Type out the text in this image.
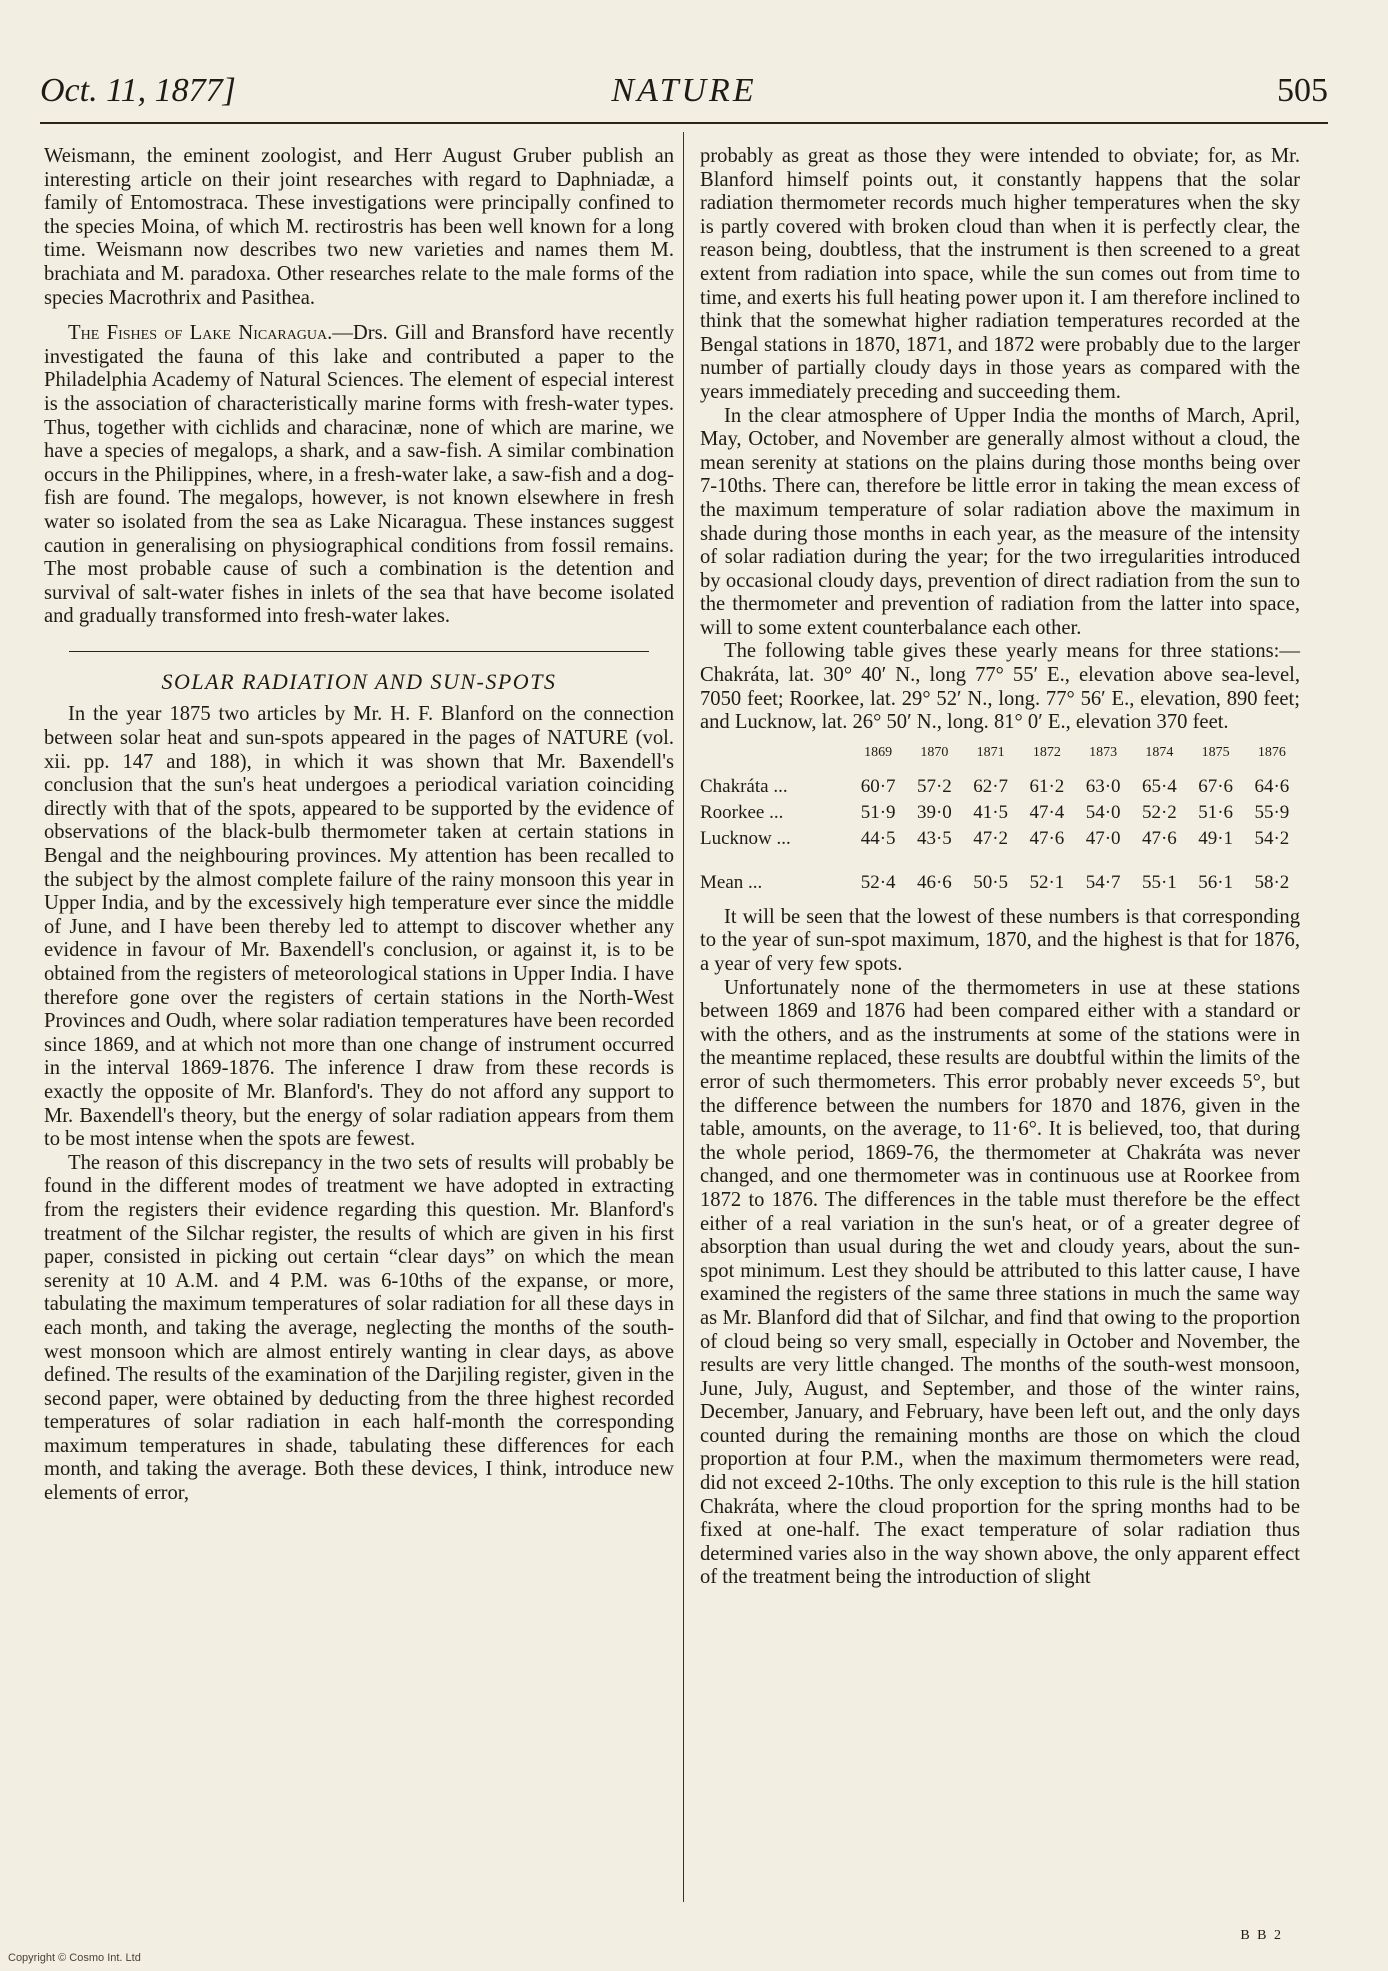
Oct. 11, 1877]	NATURE	505

Weismann, the eminent zoologist, and Herr August Gruber publish an interesting article on their joint researches with regard to Daphniadæ, a family of Entomostraca. These investigations were principally confined to the species Moina, of which M. rectirostris has been well known for a long time. Weismann now describes two new varieties and names them M. brachiata and M. paradoxa. Other researches relate to the male forms of the species Macrothrix and Pasithea.

The Fishes of Lake Nicaragua.—Drs. Gill and Bransford have recently investigated the fauna of this lake and contributed a paper to the Philadelphia Academy of Natural Sciences. The element of especial interest is the association of characteristically marine forms with fresh-water types. Thus, together with cichlids and characinæ, none of which are marine, we have a species of megalops, a shark, and a saw-fish. A similar combination occurs in the Philippines, where, in a fresh-water lake, a saw-fish and a dog-fish are found. The megalops, however, is not known elsewhere in fresh water so isolated from the sea as Lake Nicaragua. These instances suggest caution in generalising on physiographical conditions from fossil remains. The most probable cause of such a combination is the detention and survival of salt-water fishes in inlets of the sea that have become isolated and gradually transformed into fresh-water lakes.

SOLAR RADIATION AND SUN-SPOTS

In the year 1875 two articles by Mr. H. F. Blanford on the connection between solar heat and sun-spots appeared in the pages of NATURE (vol. xii. pp. 147 and 188), in which it was shown that Mr. Baxendell's conclusion that the sun's heat undergoes a periodical variation coinciding directly with that of the spots, appeared to be supported by the evidence of observations of the black-bulb thermometer taken at certain stations in Bengal and the neighbouring provinces. My attention has been recalled to the subject by the almost complete failure of the rainy monsoon this year in Upper India, and by the excessively high temperature ever since the middle of June, and I have been thereby led to attempt to discover whether any evidence in favour of Mr. Baxendell's conclusion, or against it, is to be obtained from the registers of meteorological stations in Upper India. I have therefore gone over the registers of certain stations in the North-West Provinces and Oudh, where solar radiation temperatures have been recorded since 1869, and at which not more than one change of instrument occurred in the interval 1869-1876. The inference I draw from these records is exactly the opposite of Mr. Blanford's. They do not afford any support to Mr. Baxendell's theory, but the energy of solar radiation appears from them to be most intense when the spots are fewest.

The reason of this discrepancy in the two sets of results will probably be found in the different modes of treatment we have adopted in extracting from the registers their evidence regarding this question. Mr. Blanford's treatment of the Silchar register, the results of which are given in his first paper, consisted in picking out certain “clear days” on which the mean serenity at 10 A.M. and 4 P.M. was 6-10ths of the expanse, or more, tabulating the maximum temperatures of solar radiation for all these days in each month, and taking the average, neglecting the months of the south-west monsoon which are almost entirely wanting in clear days, as above defined. The results of the examination of the Darjiling register, given in the second paper, were obtained by deducting from the three highest recorded temperatures of solar radiation in each half-month the corresponding maximum temperatures in shade, tabulating these differences for each month, and taking the average. Both these devices, I think, introduce new elements of error,

probably as great as those they were intended to obviate; for, as Mr. Blanford himself points out, it constantly happens that the solar radiation thermometer records much higher temperatures when the sky is partly covered with broken cloud than when it is perfectly clear, the reason being, doubtless, that the instrument is then screened to a great extent from radiation into space, while the sun comes out from time to time, and exerts his full heating power upon it. I am therefore inclined to think that the somewhat higher radiation temperatures recorded at the Bengal stations in 1870, 1871, and 1872 were probably due to the larger number of partially cloudy days in those years as compared with the years immediately preceding and succeeding them.

In the clear atmosphere of Upper India the months of March, April, May, October, and November are generally almost without a cloud, the mean serenity at stations on the plains during those months being over 7-10ths. There can, therefore be little error in taking the mean excess of the maximum temperature of solar radiation above the maximum in shade during those months in each year, as the measure of the intensity of solar radiation during the year; for the two irregularities introduced by occasional cloudy days, prevention of direct radiation from the sun to the thermometer and prevention of radiation from the latter into space, will to some extent counterbalance each other.

The following table gives these yearly means for three stations:—Chakráta, lat. 30° 40′ N., long 77° 55′ E., elevation above sea-level, 7050 feet; Roorkee, lat. 29° 52′ N., long. 77° 56′ E., elevation, 890 feet; and Lucknow, lat. 26° 50′ N., long. 81° 0′ E., elevation 370 feet.

	1869	1870	1871	1872	1873	1874	1875	1876
Chakráta ...	60·7	57·2	62·7	61·2	63·0	65·4	67·6	64·6
Roorkee ...	51·9	39·0	41·5	47·4	54·0	52·2	51·6	55·9
Lucknow ...	44·5	43·5	47·2	47·6	47·0	47·6	49·1	54·2
Mean ...	52·4	46·6	50·5	52·1	54·7	55·1	56·1	58·2

It will be seen that the lowest of these numbers is that corresponding to the year of sun-spot maximum, 1870, and the highest is that for 1876, a year of very few spots.

Unfortunately none of the thermometers in use at these stations between 1869 and 1876 had been compared either with a standard or with the others, and as the instruments at some of the stations were in the meantime replaced, these results are doubtful within the limits of the error of such thermometers. This error probably never exceeds 5°, but the difference between the numbers for 1870 and 1876, given in the table, amounts, on the average, to 11·6°. It is believed, too, that during the whole period, 1869-76, the thermometer at Chakráta was never changed, and one thermometer was in continuous use at Roorkee from 1872 to 1876. The differences in the table must therefore be the effect either of a real variation in the sun's heat, or of a greater degree of absorption than usual during the wet and cloudy years, about the sun-spot minimum. Lest they should be attributed to this latter cause, I have examined the registers of the same three stations in much the same way as Mr. Blanford did that of Silchar, and find that owing to the proportion of cloud being so very small, especially in October and November, the results are very little changed. The months of the south-west monsoon, June, July, August, and September, and those of the winter rains, December, January, and February, have been left out, and the only days counted during the remaining months are those on which the cloud proportion at four P.M., when the maximum thermometers were read, did not exceed 2-10ths. The only exception to this rule is the hill station Chakráta, where the cloud proportion for the spring months had to be fixed at one-half. The exact temperature of solar radiation thus determined varies also in the way shown above, the only apparent effect of the treatment being the introduction of slight

B B 2
Copyright © Cosmo Int. Ltd
